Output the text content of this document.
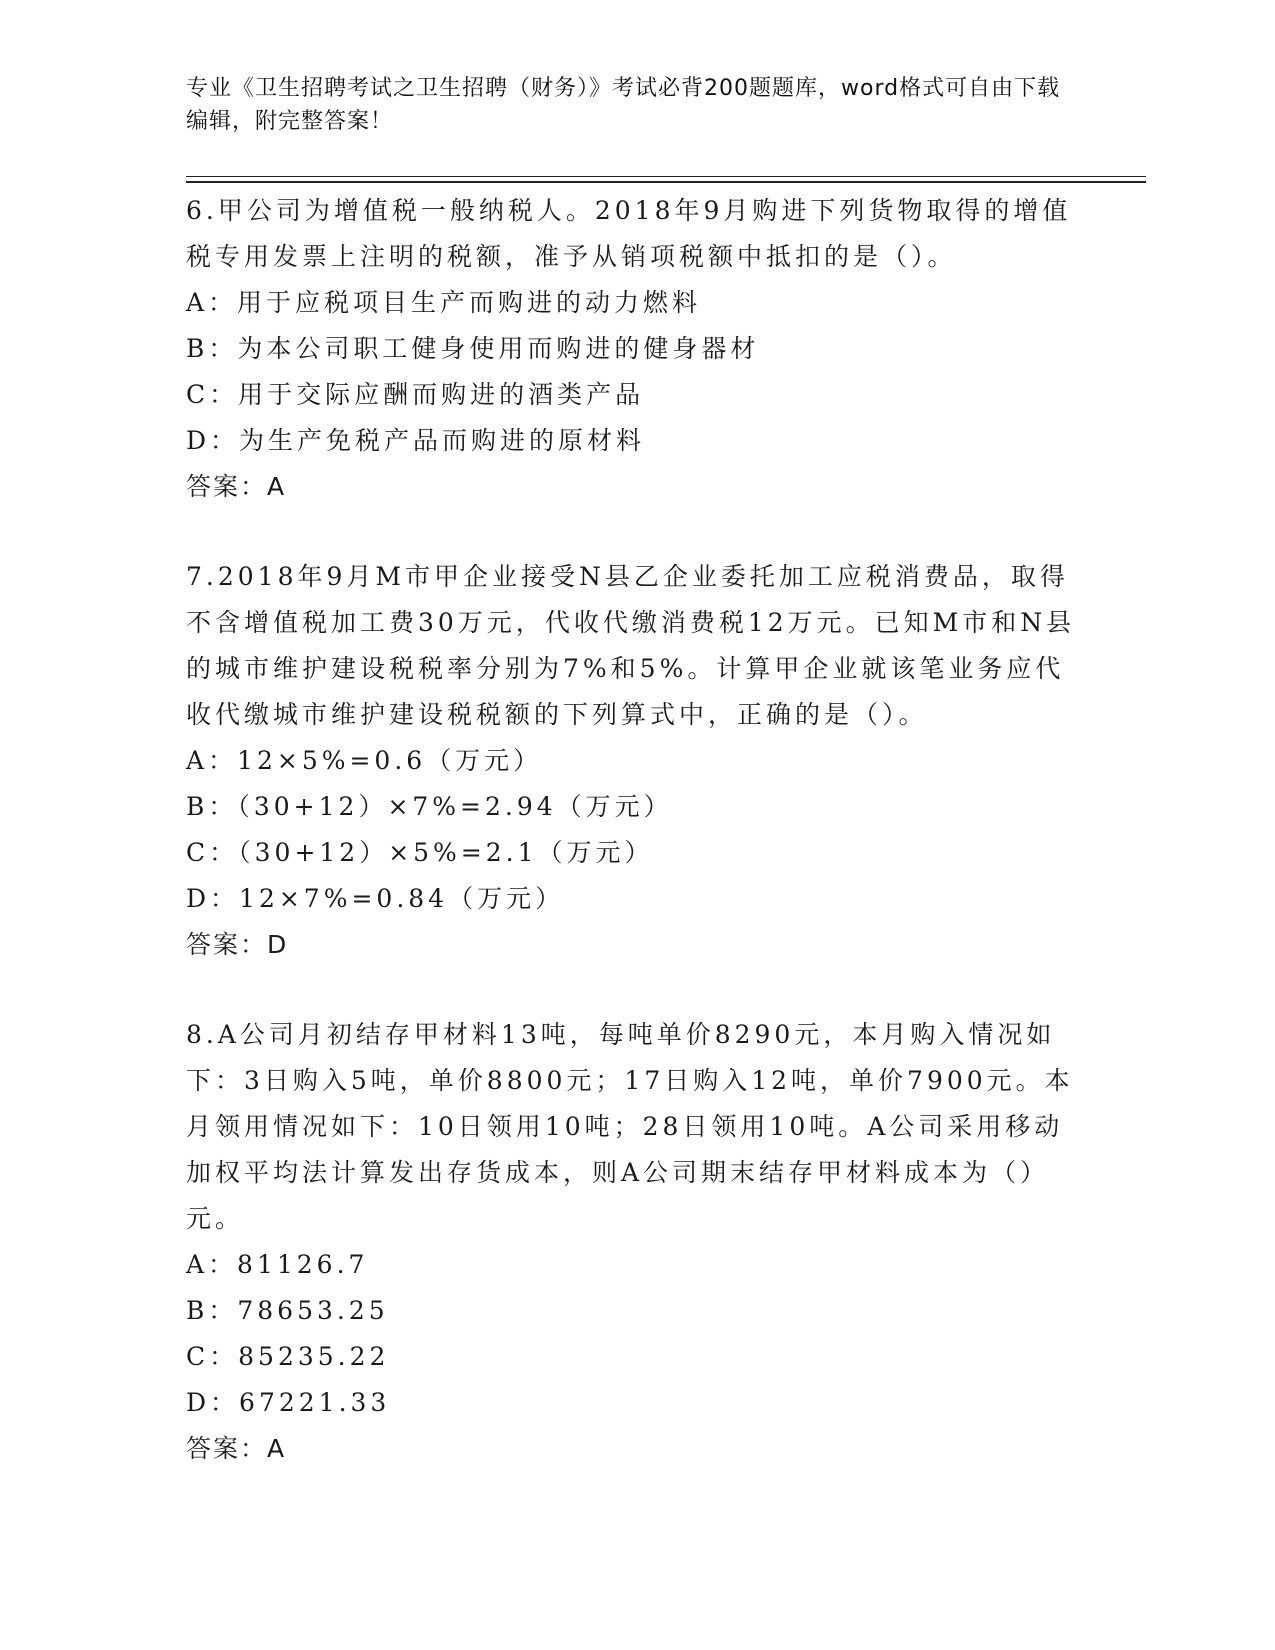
专业《卫生招聘考试之卫生招聘（财务）》考试必背200题题库，word格式可自由下载编辑，附完整答案！

6.甲公司为增值税一般纳税人。2018年9月购进下列货物取得的增值税专用发票上注明的税额，准予从销项税额中抵扣的是（）。

A：用于应税项目生产而购进的动力燃料

B：为本公司职工健身使用而购进的健身器材

C：用于交际应酬而购进的酒类产品

D：为生产免税产品而购进的原材料

答案：A

7.2018年9月M市甲企业接受N县乙企业委托加工应税消费品，取得不含增值税加工费30万元，代收代缴消费税12万元。已知M市和N县的城市维护建设税税率分别为7%和5%。计算甲企业就该笔业务应代收代缴城市维护建设税税额的下列算式中，正确的是（）。

A：12×5%=0.6（万元）

B：（30+12）×7%=2.94（万元）

C：（30+12）×5%=2.1（万元）

D：12×7%=0.84（万元）

答案：D

8.A公司月初结存甲材料13吨，每吨单价8290元，本月购入情况如下：3日购入5吨，单价8800元；17日购入12吨，单价7900元。本月领用情况如下：10日领用10吨；28日领用10吨。A公司采用移动加权平均法计算发出存货成本，则A公司期末结存甲材料成本为（）元。

A：81126.7

B：78653.25

C：85235.22

D：67221.33

答案：A
